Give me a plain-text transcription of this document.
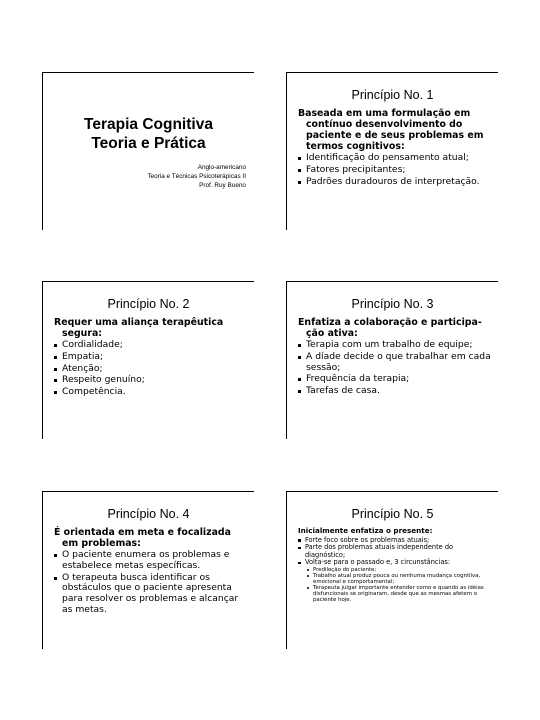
Terapia Cognitiva
Teoria e Prática
Anglo-americano
Teoria e Técnicas Psicoterápicas II
Prof. Ruy Bueno
Princípio No. 1
Baseada em uma formulação em contínuo desenvolvimento do paciente e de seus problemas em termos cognitivos:
Identificação do pensamento atual;
Fatores precipitantes;
Padrões duradouros de interpretação.
Princípio No. 2
Requer uma aliança terapêutica segura:
Cordialidade;
Empatia;
Atenção;
Respeito genuíno;
Competência.
Princípio No. 3
Enfatiza a colaboração e participa-ção ativa:
Terapia com um trabalho de equipe;
A díade decide o que trabalhar em cada sessão;
Frequência da terapia;
Tarefas de casa.
Princípio No. 4
É orientada em meta e focalizada em problemas:
O paciente enumera os problemas e estabelece metas específicas.
O terapeuta busca identificar os obstáculos que o paciente apresenta para resolver os problemas e alcançar as metas.
Princípio No. 5
Inicialmente enfatiza o presente:
Forte foco sobre os problemas atuais;
Parte dos problemas atuais independente do diagnóstico;
Volta-se para o passado e, 3 circunstâncias:
Predileção do paciente;
Trabalho atual produz pouca ou nenhuma mudança cognitiva, emocional e comportamental;
Terapeuta julgar importante entender como e quando as idéias disfuncionais se originaram, desde que as mesmas afetem o paciente hoje.
